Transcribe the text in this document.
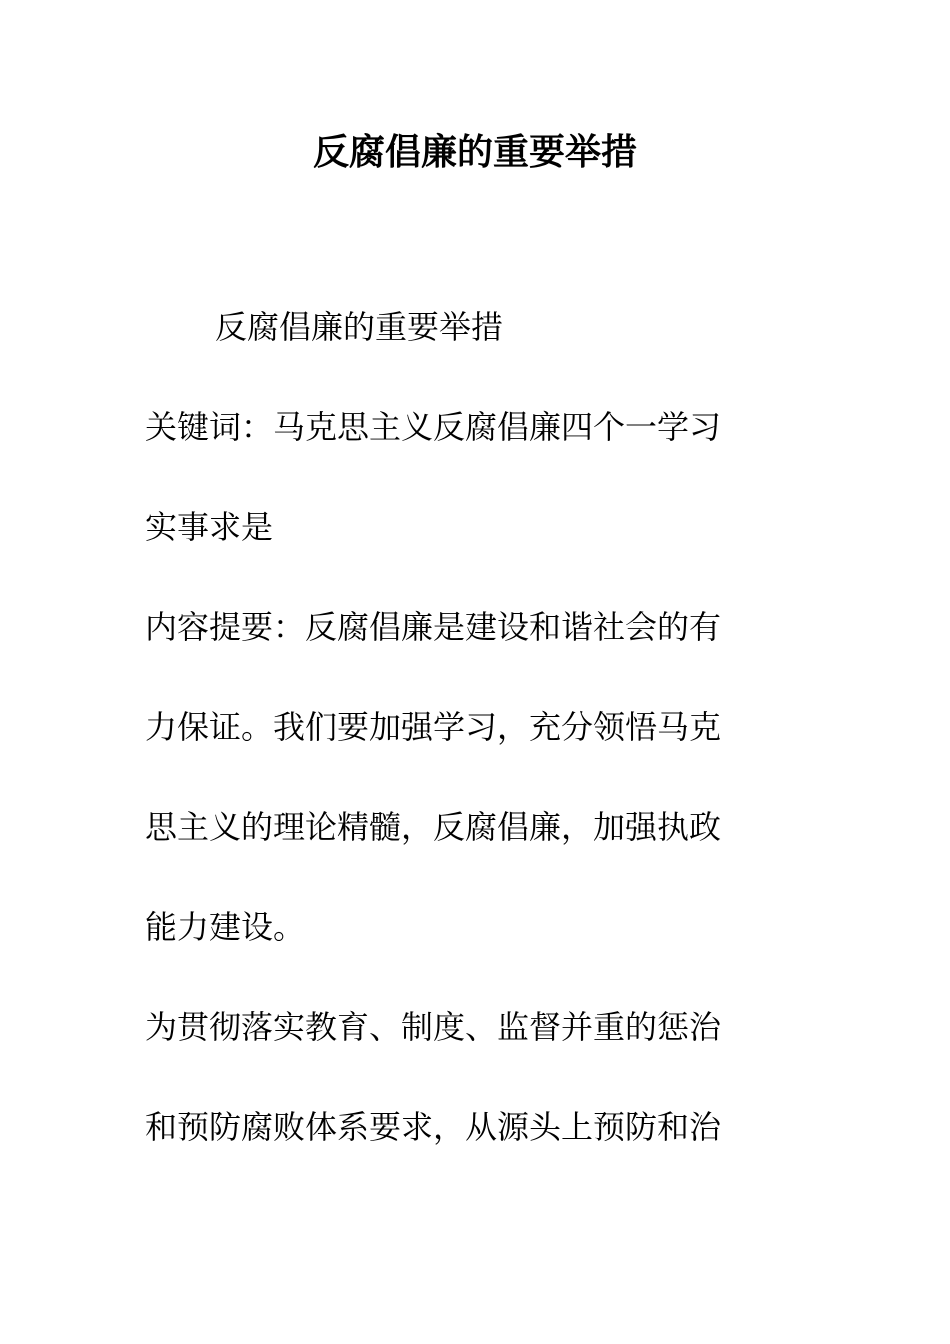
反腐倡廉的重要举措

反腐倡廉的重要举措

关键词：马克思主义反腐倡廉四个一学习
实事求是
内容提要：反腐倡廉是建设和谐社会的有
力保证。我们要加强学习，充分领悟马克
思主义的理论精髓，反腐倡廉，加强执政
能力建设。
为贯彻落实教育、制度、监督并重的惩治
和预防腐败体系要求，从源头上预防和治
